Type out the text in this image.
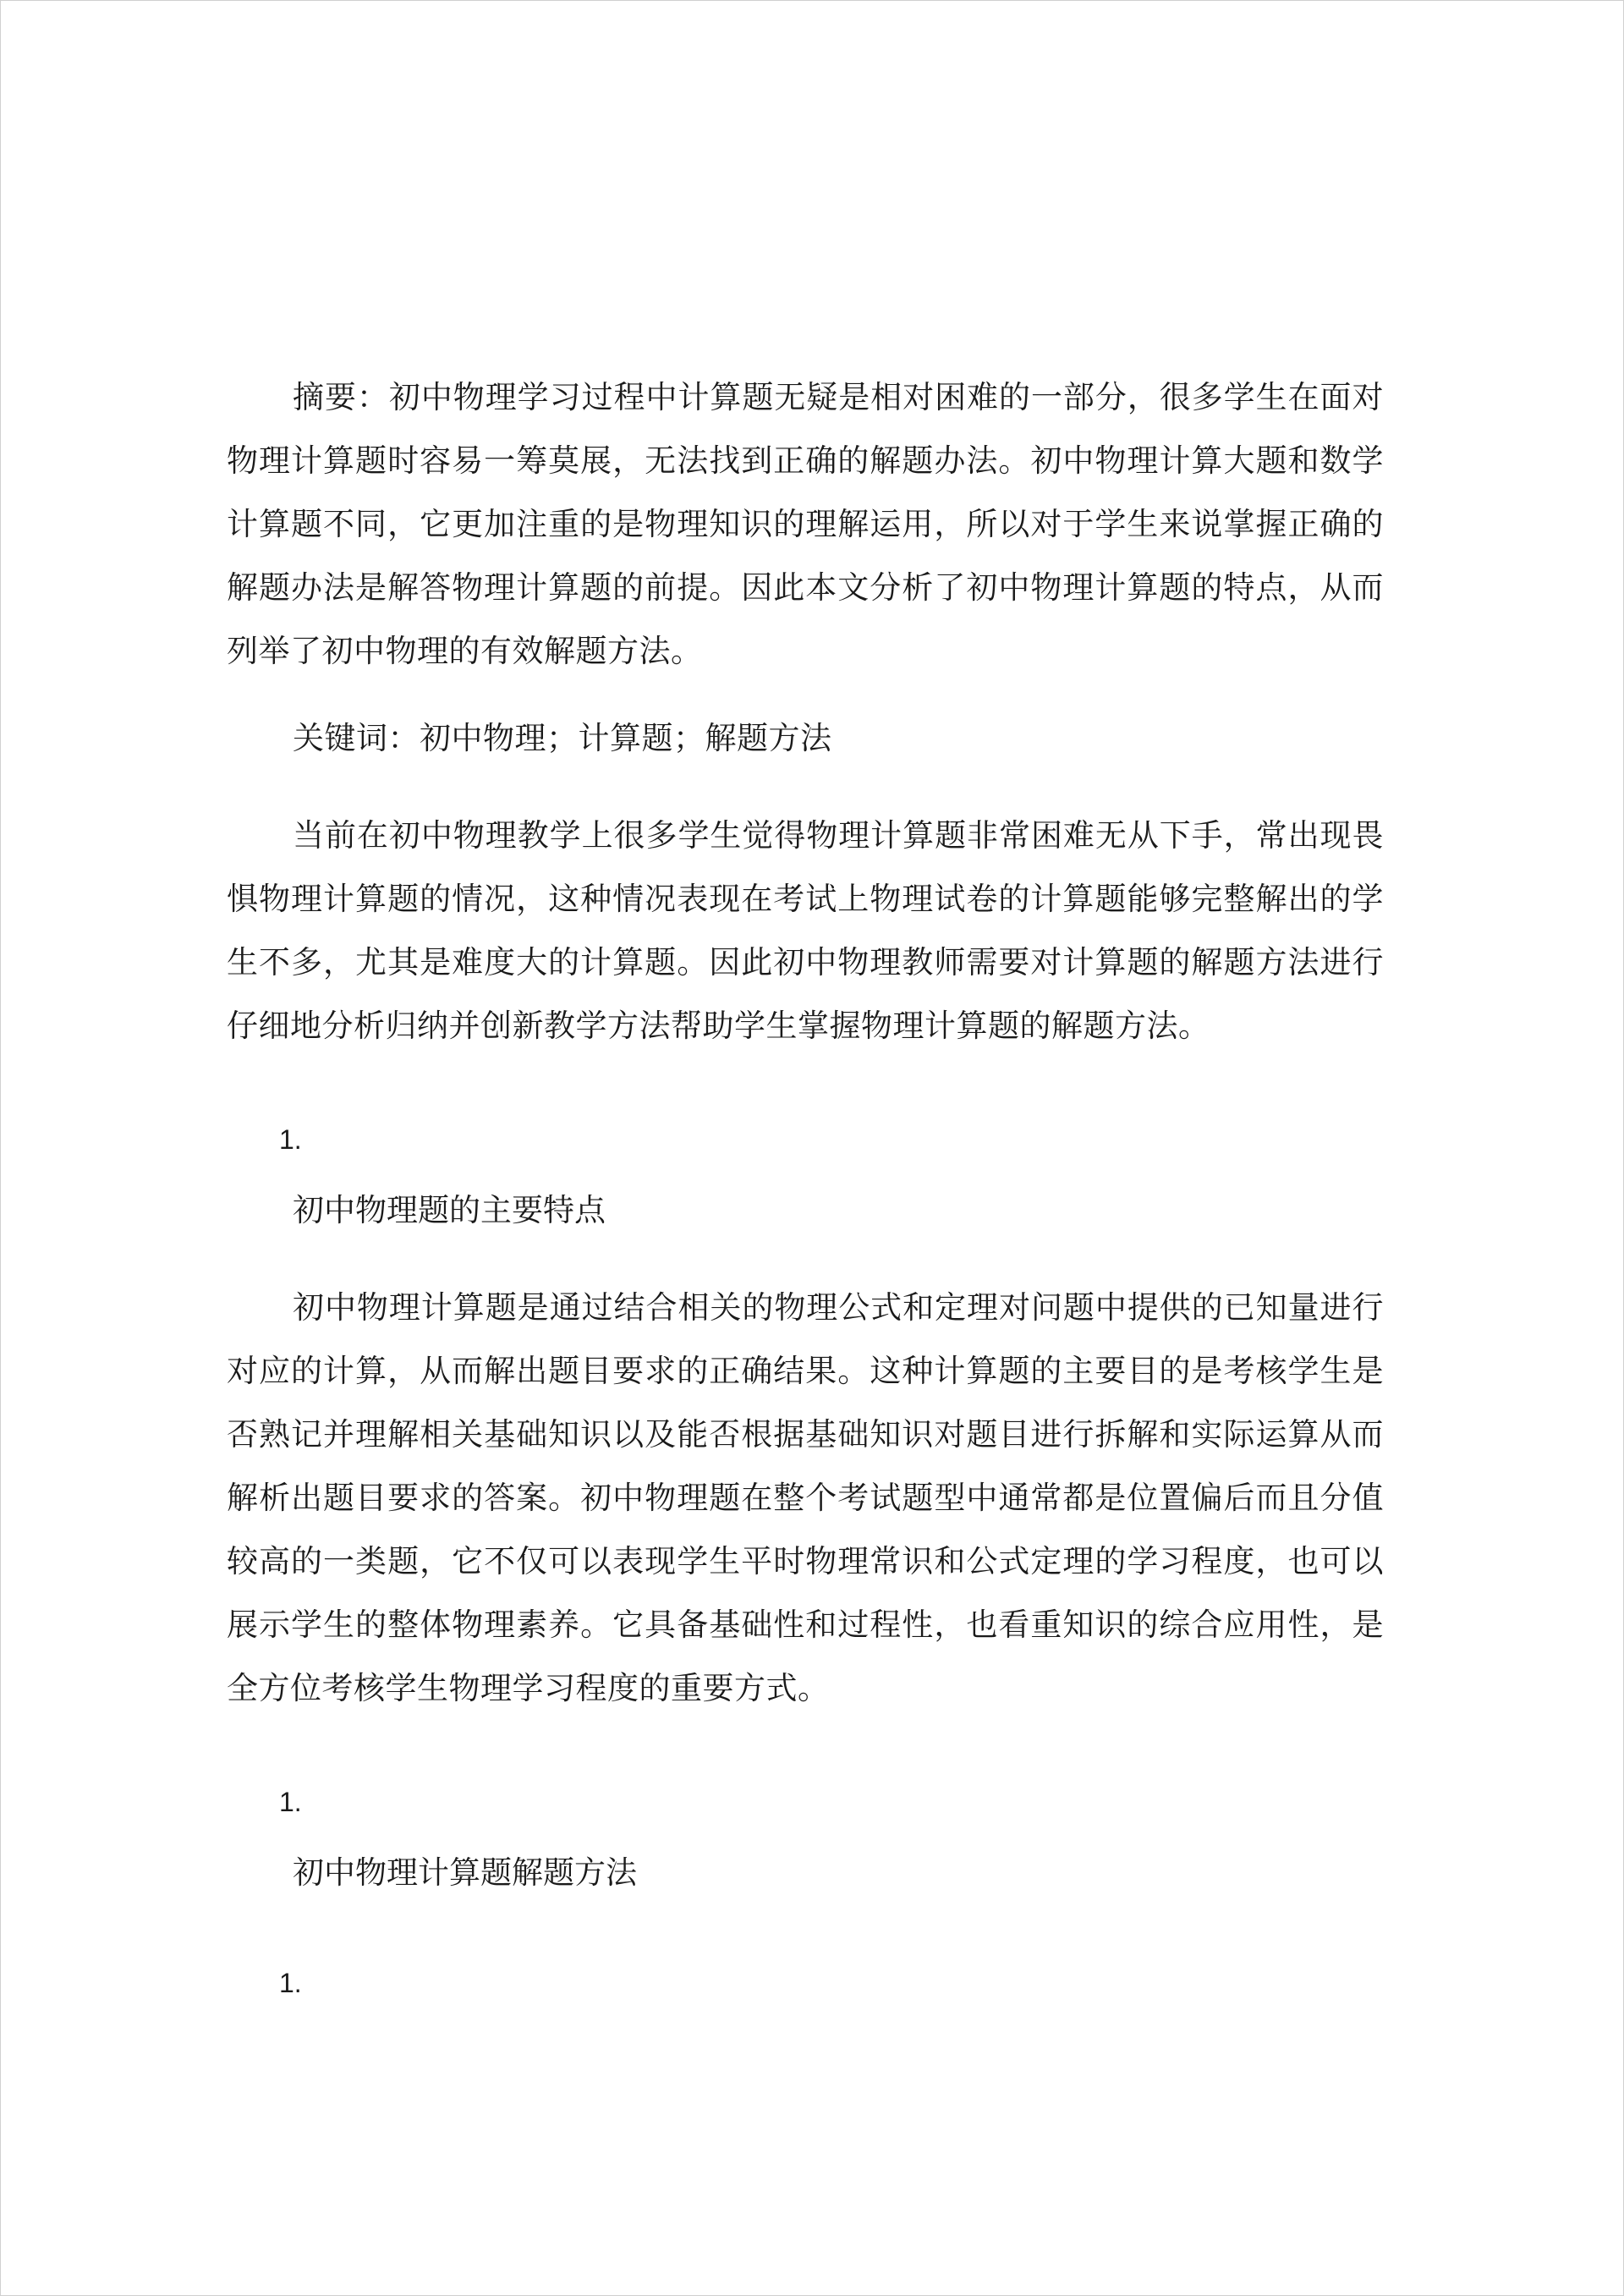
摘要：初中物理学习过程中计算题无疑是相对困难的一部分，很多学生在面对物理计算题时容易一筹莫展，无法找到正确的解题办法。初中物理计算大题和数学计算题不同，它更加注重的是物理知识的理解运用，所以对于学生来说掌握正确的解题办法是解答物理计算题的前提。因此本文分析了初中物理计算题的特点，从而列举了初中物理的有效解题方法。

关键词：初中物理；计算题；解题方法

当前在初中物理教学上很多学生觉得物理计算题非常困难无从下手，常出现畏惧物理计算题的情况，这种情况表现在考试上物理试卷的计算题能够完整解出的学生不多，尤其是难度大的计算题。因此初中物理教师需要对计算题的解题方法进行仔细地分析归纳并创新教学方法帮助学生掌握物理计算题的解题方法。

1.

初中物理题的主要特点

初中物理计算题是通过结合相关的物理公式和定理对问题中提供的已知量进行对应的计算，从而解出题目要求的正确结果。这种计算题的主要目的是考核学生是否熟记并理解相关基础知识以及能否根据基础知识对题目进行拆解和实际运算从而解析出题目要求的答案。初中物理题在整个考试题型中通常都是位置偏后而且分值较高的一类题，它不仅可以表现学生平时物理常识和公式定理的学习程度，也可以展示学生的整体物理素养。它具备基础性和过程性，也看重知识的综合应用性，是全方位考核学生物理学习程度的重要方式。

1.

初中物理计算题解题方法

1.
